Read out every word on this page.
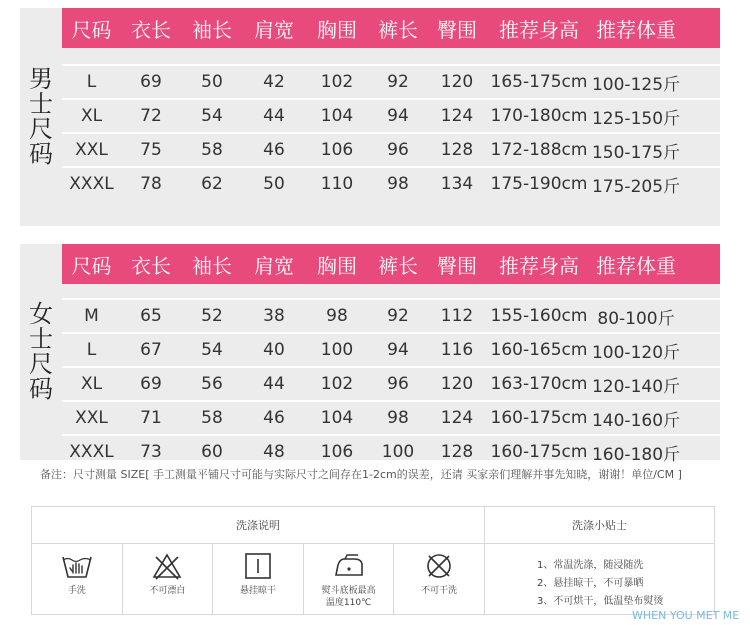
男士尺码
尺码 衣长	袖长	肩宽	胸围	裤长 臀围	推荐身高 推荐体重
L	69	50	42	102	92	120	165-175cm 100-125斤
XL	72	54	44	104	94	124	170-180cm 125-150斤
XXL	75	58	46	106	96	128	172-188cm 150-175斤
XXXL	78	62	50	110	98	134	175-190cm 175-205斤
女士尺码
尺码 衣长	袖长	肩宽	胸围	裤长 臀围	推荐身高 推荐体重
M	65	52	38	98	92	112	155-160cm 80-100斤
L	67	54	40	100	94	116	160-165cm 100-120斤
XL	69	56	44	102	96	120	163-170cm 120-140斤
XXL	71	58	46	104	98	124	160-175cm 140-160斤
XXXL	73	60	48	106	100	128	160-175cm 160-180斤
备注：尺寸测量 SIZE[ 手工测量平铺尺寸可能与实际尺寸之间存在1-2cm的误差，还请 买家亲们理解并事先知晓，谢谢！单位/CM ]
洗涤说明
手洗	不可漂白	悬挂晾干	熨斗底板最高
温度110℃
不可干洗
洗涤小贴士
1、常温洗涤，随浸随洗
2、悬挂晾干，不可暴晒
3、不可烘干，低温垫布熨烫
WHEN YOU MET ME
